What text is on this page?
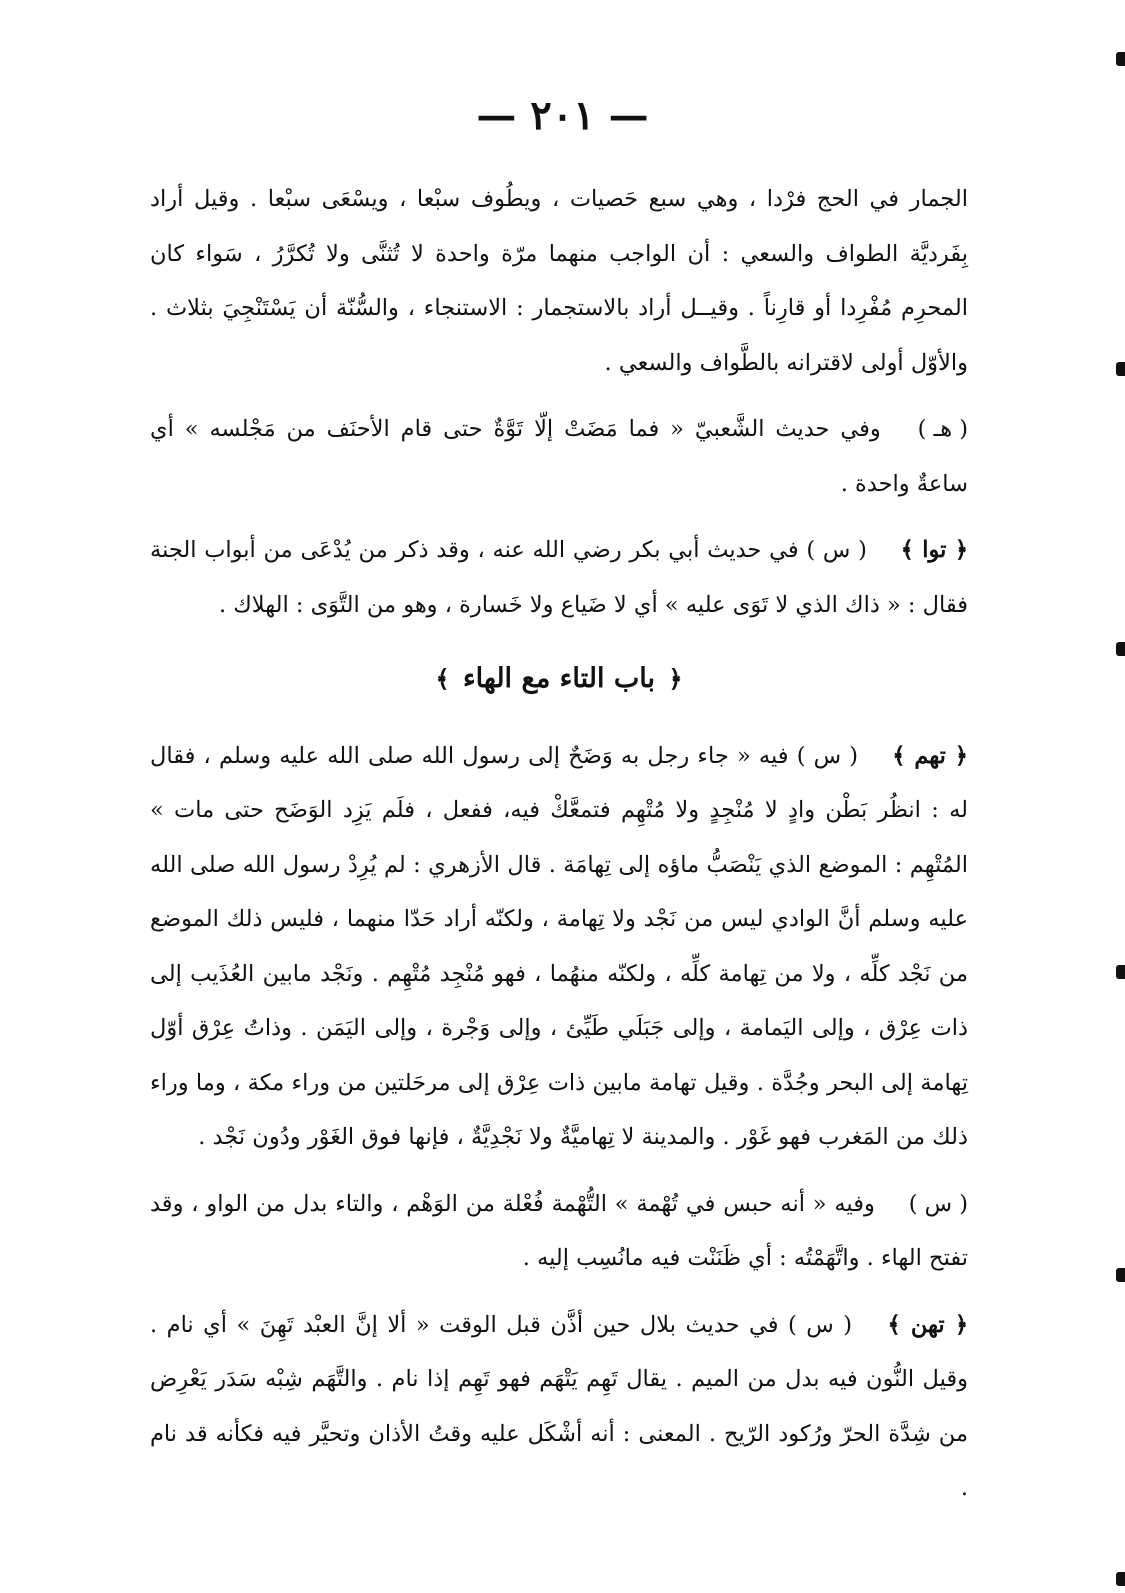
— ٢٠١ —

الجمار في الحج فرْدا ، وهي سبع حَصيات ، ويطُوف سبْعا ، ويسْعَى سبْعا . وقيل أراد بِفَرديَّة الطواف والسعي : أن الواجب منهما مرّة واحدة لا تُثنَّى ولا تُكرَّرُ ، سَواء كان المحرِم مُفْرِدا أو قارِناً . وقيــل أراد بالاستجمار : الاستنجاء ، والسُّنّة أن يَسْتَنْجِيَ بثلاث . والأوّل أولى لاقترانه بالطَّواف والسعي .

( هـ ) وفي حديث الشَّعبيّ « فما مَضَتْ إلّا تَوَّةٌ حتى قام الأحنَف من مَجْلسه » أي ساعةٌ واحدة .

﴿ توا ﴾ ( س ) في حديث أبي بكر رضي الله عنه ، وقد ذكر من يُدْعَى من أبواب الجنة فقال : « ذاك الذي لا تَوَى عليه » أي لا ضَياع ولا خَسارة ، وهو من التَّوَى : الهلاك .

﴿ باب التاء مع الهاء ﴾

﴿ تهم ﴾ ( س ) فيه « جاء رجل به وَضَحٌ إلى رسول الله صلى الله عليه وسلم ، فقال له : انظُر بَطْن وادٍ لا مُنْجِدٍ ولا مُتْهِم فتمعَّكْ فيه، ففعل ، فلَم يَزِد الوَضَح حتى مات » المُتْهِم : الموضع الذي يَنْصَبُّ ماؤه إلى تِهامَة . قال الأزهري : لم يُرِدْ رسول الله صلى الله عليه وسلم أنَّ الوادي ليس من نَجْد ولا تِهامة ، ولكنّه أراد حَدّا منهما ، فليس ذلك الموضع من نَجْد كلِّه ، ولا من تِهامة كلِّه ، ولكنّه منهُما ، فهو مُنْجِد مُتْهِم . ونَجْد مابين العُذَيب إلى ذات عِرْق ، وإلى اليَمامة ، وإلى جَبَلَي طَيِّئ ، وإلى وَجْرة ، وإلى اليَمَن . وذاتُ عِرْق أوّل تِهامة إلى البحر وجُدَّة . وقيل تهامة مابين ذات عِرْق إلى مرحَلتين من وراء مكة ، وما وراء ذلك من المَغرب فهو غَوْر . والمدينة لا تِهاميَّةٌ ولا نَجْدِيَّةٌ ، فإنها فوق الغَوْر ودُون نَجْد .

( س ) وفيه « أنه حبس في تُهْمة » التُّهْمة فُعْلة من الوَهْم ، والتاء بدل من الواو ، وقد تفتح الهاء . واتَّهَمْتُه : أي ظَنَنْت فيه مانُسِب إليه .

﴿ تهن ﴾ ( س ) في حديث بلال حين أذَّن قبل الوقت « ألا إنَّ العبْد تَهِنَ » أي نام . وقيل النُّون فيه بدل من الميم . يقال تَهِم يَتْهَم فهو تَهِم إذا نام . والتَّهَم شِبْه سَدَر يَعْرِض من شِدَّة الحرّ ورُكود الرّيح . المعنى : أنه أشْكَل عليه وقتُ الأذان وتحيَّر فيه فكأنه قد نام .
